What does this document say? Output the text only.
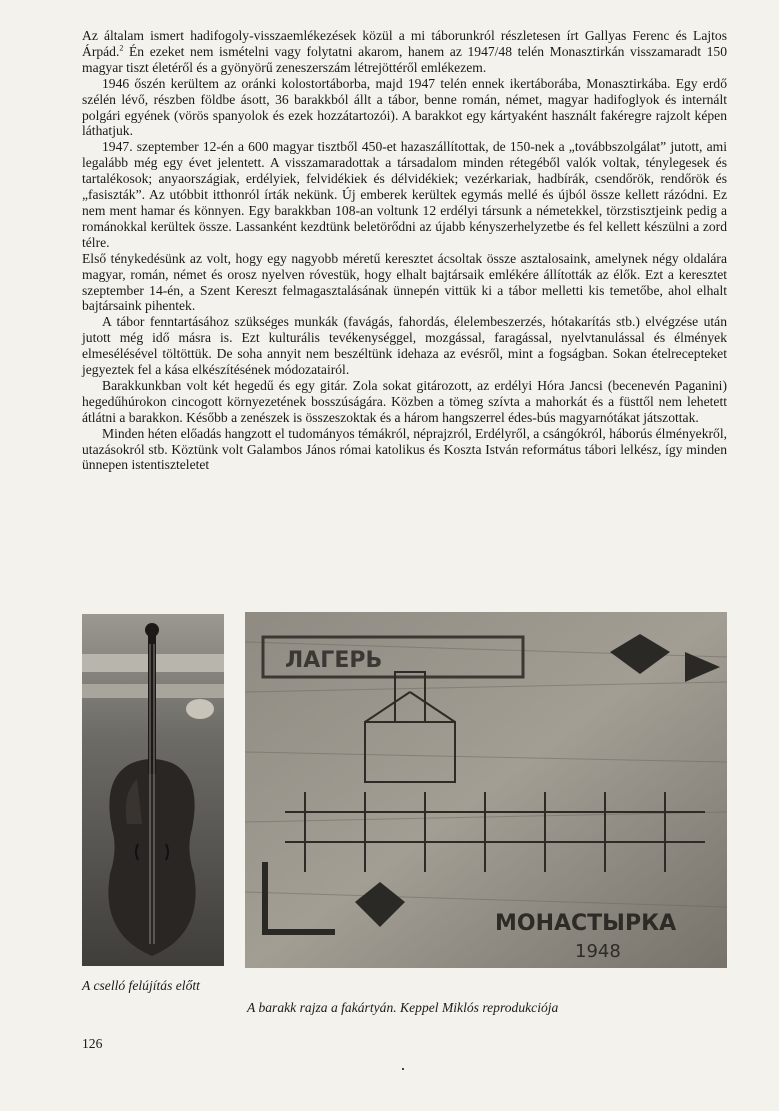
Az általam ismert hadifogoly-visszaemlékezések közül a mi táborunkról részletesen írt Gallyas Ferenc és Lajtos Árpád.$^2$ Én ezeket nem ismételni vagy folytatni akarom, hanem az 1947/48 telén Monasztirkán visszamaradt 150 magyar tiszt életéről és a gyönyörű zeneszerszám létrejöttéről emlékezem.

1946 őszén kerültem az oránki kolostortáborba, majd 1947 telén ennek ikertáborába, Monasztirkába. Egy erdő szélén lévő, részben földbe ásott, 36 barakkból állt a tábor, benne román, német, magyar hadifoglyok és internált polgári egyének (vörös spanyolok és ezek hozzátartozói). A barakkot egy kártyaként használt fakéregre rajzolt képen láthatjuk.

1947. szeptember 12-én a 600 magyar tisztből 450-et hazaszállítottak, de 150-nek a „továbbszolgálat” jutott, ami legalább még egy évet jelentett. A visszamaradottak a társadalom minden rétegéből valók voltak, ténylegesek és tartalékosok; anyaországiak, erdélyiek, felvidékiek és délvidékiek; vezérkariak, hadbírák, csendőrök, rendőrök és „fasiszták”. Az utóbbit itthonról írták nekünk. Új emberek kerültek egymás mellé és újból össze kellett rázódni. Ez nem ment hamar és könnyen. Egy barakkban 108-an voltunk 12 erdélyi társunk a németekkel, törzstisztjeink pedig a románokkal kerültek össze. Lassanként kezdtünk beletörődni az újabb kényszerhelyzetbe és fel kellett készülni a zord télre.

Első ténykedésünk az volt, hogy egy nagyobb méretű keresztet ácsoltak össze asztalosaink, amelynek négy oldalára magyar, román, német és orosz nyelven róvestük, hogy elhalt bajtársaik emlékére állították az élők. Ezt a keresztet szeptember 14-én, a Szent Kereszt felmagasztalásának ünnepén vittük ki a tábor melletti kis temetőbe, ahol elhalt bajtársaink pihentek.

A tábor fenntartásához szükséges munkák (favágás, fahordás, élelembeszerzés, hótakarítás stb.) elvégzése után jutott még idő másra is. Ezt kulturális tevékenységgel, mozgással, faragással, nyelvtanulással és élmények elmesélésével töltöttük. De soha annyit nem beszéltünk idehaza az evésről, mint a fogságban. Sokan ételrecepteket jegyeztek fel a kása elkészítésének módozatairól.

Barakkunkban volt két hegedű és egy gitár. Zola sokat gitározott, az erdélyi Hóra Jancsi (becenevén Paganini) hegedűhúrokon cincogott környezetének bosszúságára. Közben a tömeg szívta a mahorkát és a füsttől nem lehetett átlátni a barakkon. Később a zenészek is összeszoktak és a három hangszerrel édes-bús magyarnótákat játszottak.

Minden héten előadás hangzott el tudományos témákról, néprajzról, Erdélyről, a csángókról, háborús élményekről, utazásokról stb. Köztünk volt Galambos János római katolikus és Koszta István református tábori lelkész, így minden ünnepen istentiszteletet

ЛАГЕРЬ
МОНАСТЫРКА
1948
A cselló felújítás előtt
A barakk rajza a fakártyán. Keppel Miklós reprodukciója
126
